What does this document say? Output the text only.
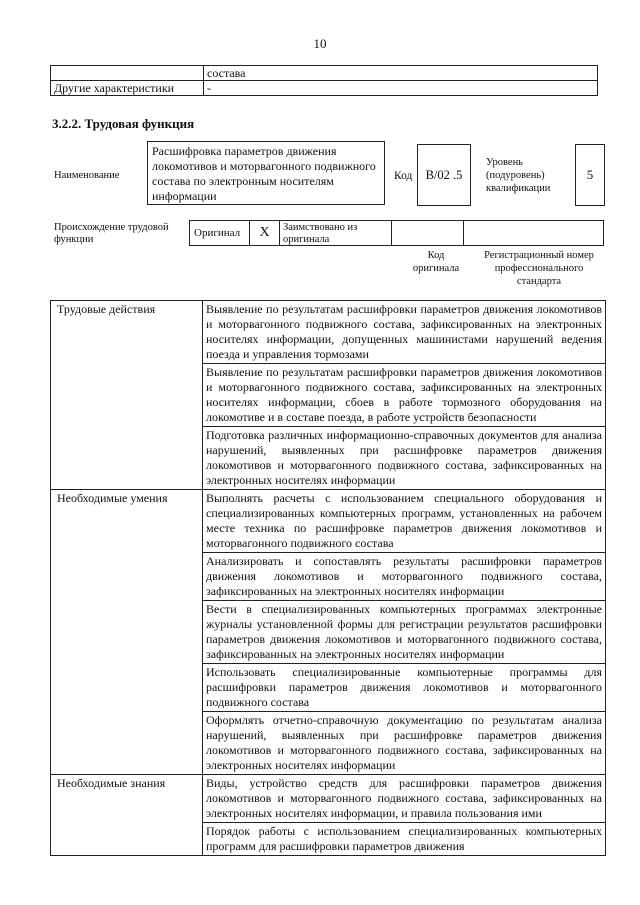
10
	состава
Другие характеристики	-
3.2.2. Трудовая функция
Наименование
Расшифровка параметров движения локомотивов и моторвагонного подвижного состава по электронным носителям информации
Код B/02 .5
Уровень
(подуровень)
квалификации
5
Происхождение трудовой функции
Оригинал	X	Заимствовано из оригинала
Код оригинала
Регистрационный номер профессионального стандарта
Трудовые действия	Выявление по результатам расшифровки параметров движения локомотивов и моторвагонного подвижного состава, зафиксированных на электронных носителях информации, допущенных машинистами нарушений ведения поезда и управления тормозами
	Выявление по результатам расшифровки параметров движения локомотивов и моторвагонного подвижного состава, зафиксированных на электронных носителях информации, сбоев в работе тормозного оборудования на локомотиве и в составе поезда, в работе устройств безопасности
	Подготовка различных информационно-справочных документов для анализа нарушений, выявленных при расшифровке параметров движения локомотивов и моторвагонного подвижного состава, зафиксированных на электронных носителях информации
Необходимые умения	Выполнять расчеты с использованием специального оборудования и специализированных компьютерных программ, установленных на рабочем месте техника по расшифровке параметров движения локомотивов и моторвагонного подвижного состава
	Анализировать и сопоставлять результаты расшифровки параметров движения локомотивов и моторвагонного подвижного состава, зафиксированных на электронных носителях информации
	Вести в специализированных компьютерных программах электронные журналы установленной формы для регистрации результатов расшифровки параметров движения локомотивов и моторвагонного подвижного состава, зафиксированных на электронных носителях информации
	Использовать специализированные компьютерные программы для расшифровки параметров движения локомотивов и моторвагонного подвижного состава
	Оформлять отчетно-справочную документацию по результатам анализа нарушений, выявленных при расшифровке параметров движения локомотивов и моторвагонного подвижного состава, зафиксированных на электронных носителях информации
Необходимые знания	Виды, устройство средств для расшифровки параметров движения локомотивов и моторвагонного подвижного состава, зафиксированных на электронных носителях информации, и правила пользования ими
	Порядок работы с использованием специализированных компьютерных программ для расшифровки параметров движения
